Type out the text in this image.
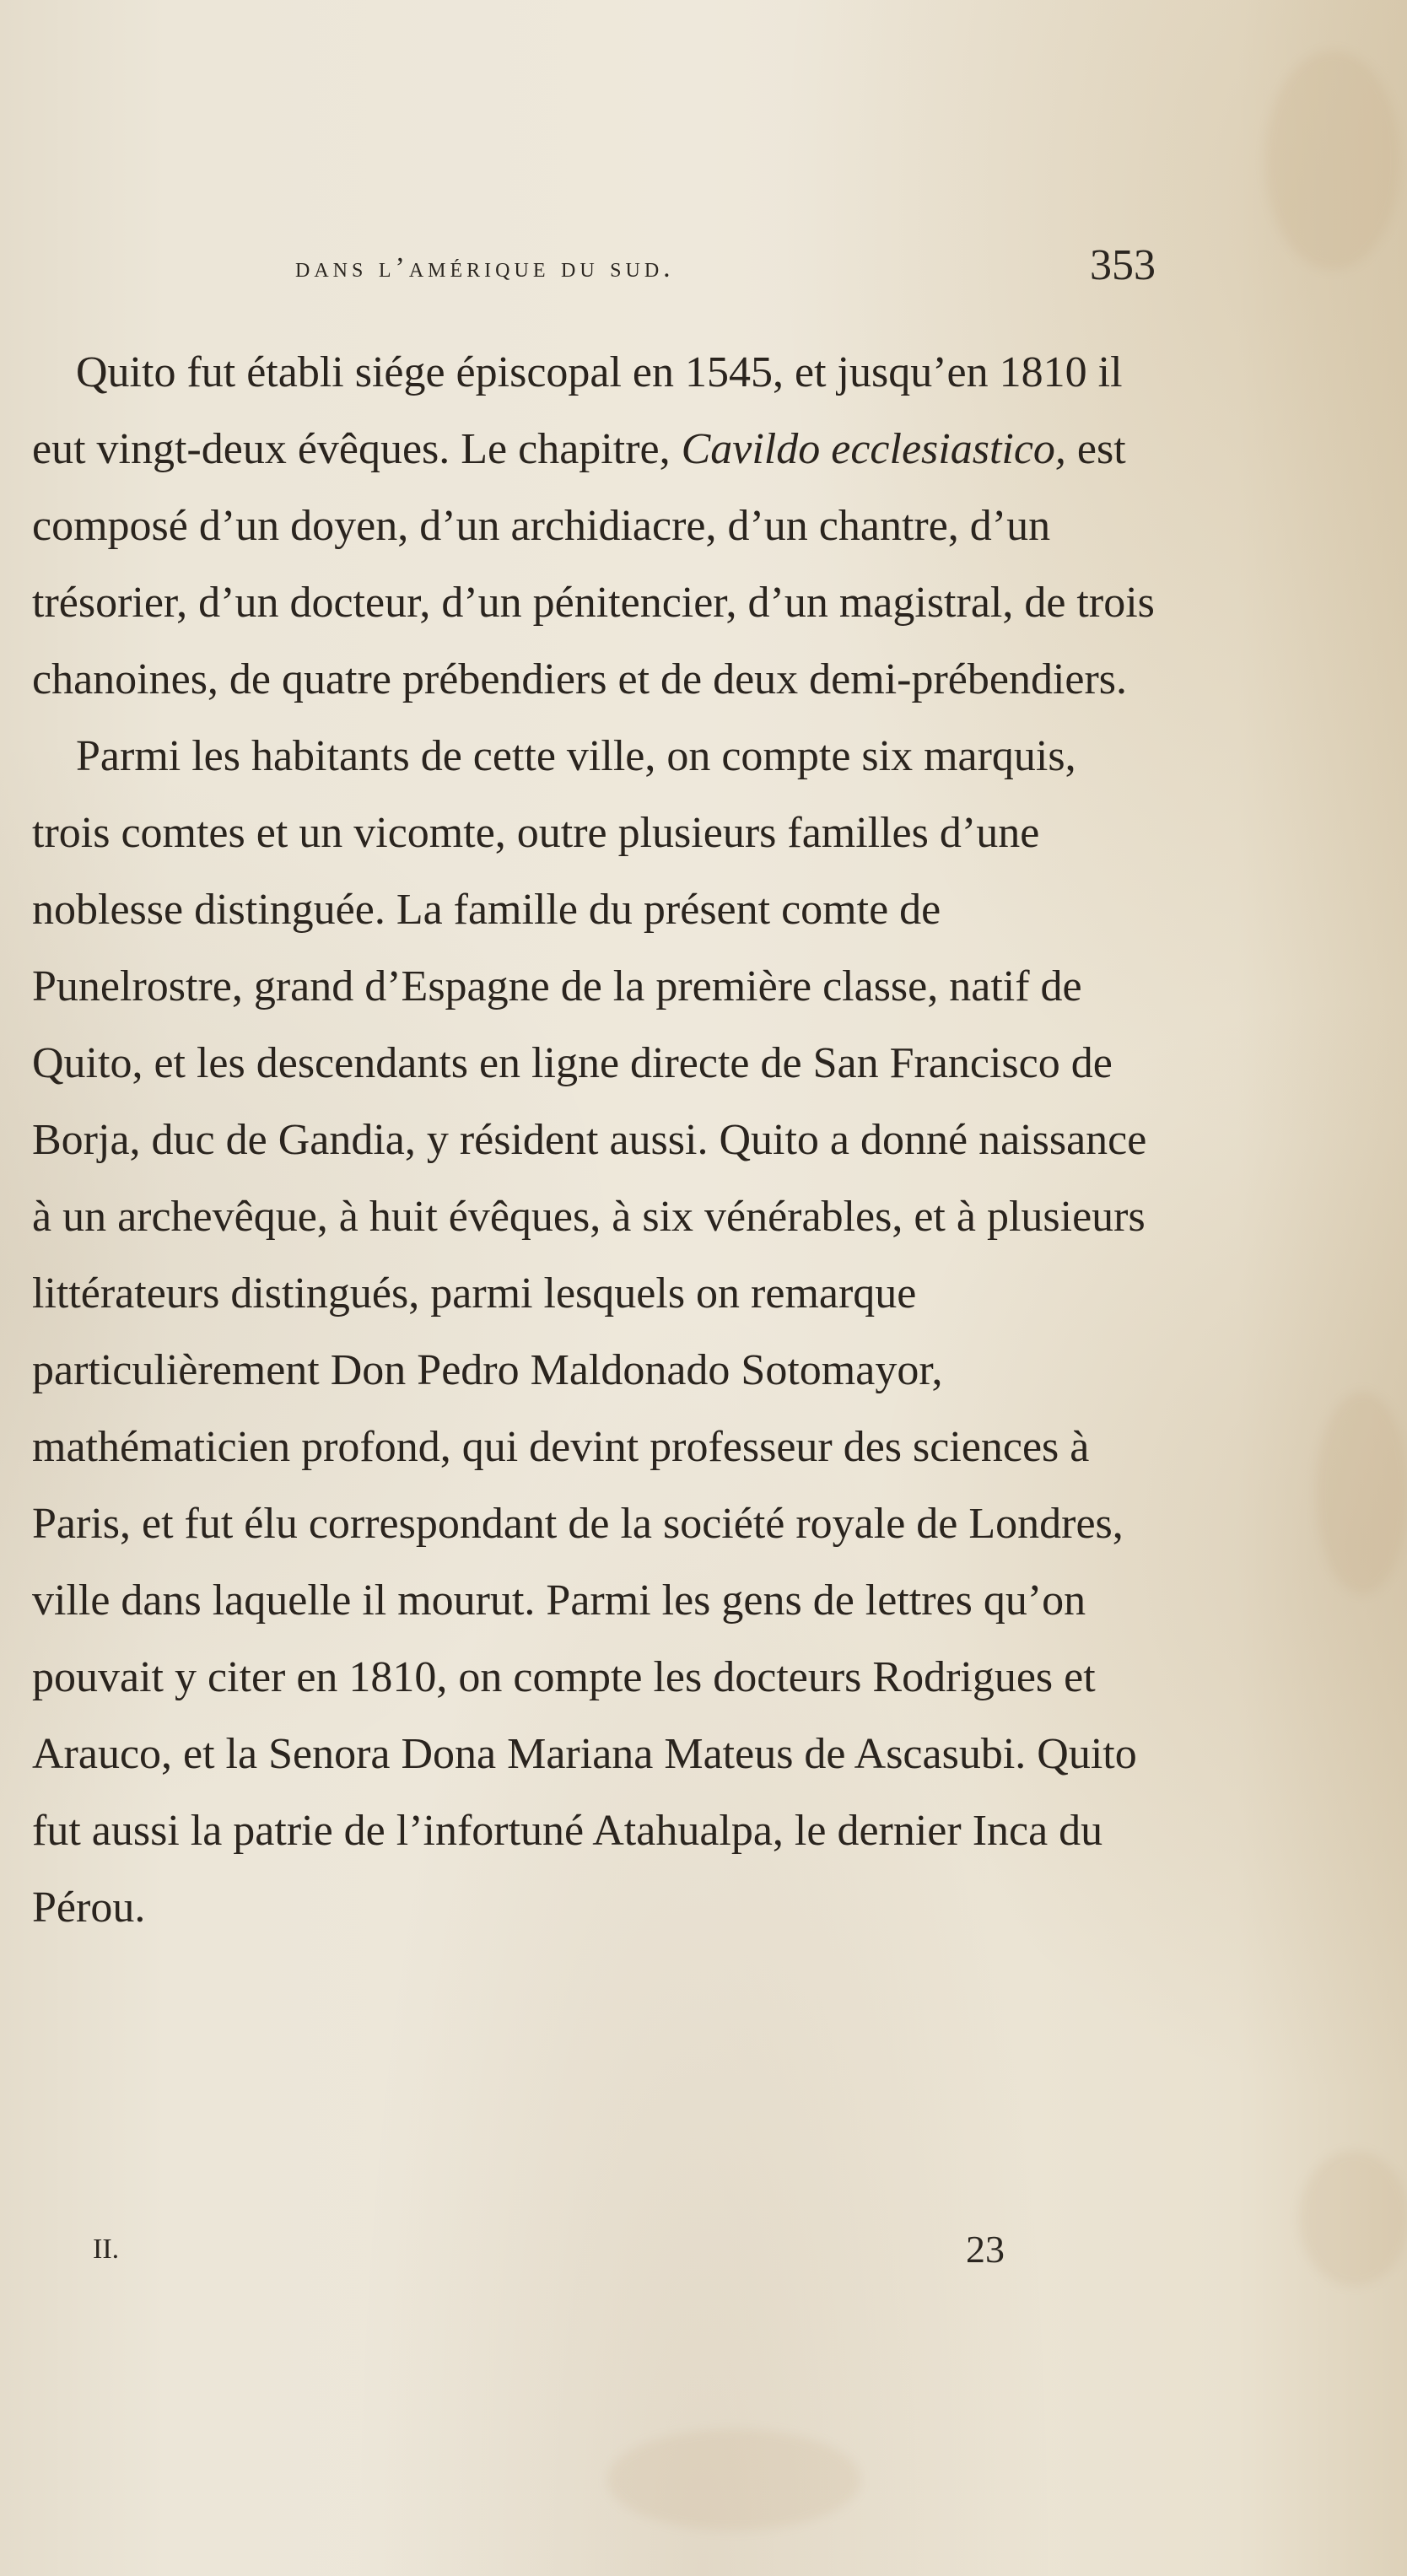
dans l’amérique du sud.	353

Quito fut établi siége épiscopal en 1545, et jusqu’en 1810 il eut vingt-deux évêques. Le chapitre, Cavildo ecclesiastico, est composé d’un doyen, d’un archidiacre, d’un chantre, d’un trésorier, d’un docteur, d’un pénitencier, d’un magistral, de trois chanoines, de quatre prébendiers et de deux demi-prébendiers.

Parmi les habitants de cette ville, on compte six marquis, trois comtes et un vicomte, outre plusieurs familles d’une noblesse distinguée. La famille du présent comte de Punelrostre, grand d’Espagne de la première classe, natif de Quito, et les descendants en ligne directe de San Francisco de Borja, duc de Gandia, y résident aussi. Quito a donné naissance à un archevêque, à huit évêques, à six vénérables, et à plusieurs littérateurs distingués, parmi lesquels on remarque particulièrement Don Pedro Maldonado Sotomayor, mathématicien profond, qui devint professeur des sciences à Paris, et fut élu correspondant de la société royale de Londres, ville dans laquelle il mourut. Parmi les gens de lettres qu’on pouvait y citer en 1810, on compte les docteurs Rodrigues et Arauco, et la Senora Dona Mariana Mateus de Ascasubi. Quito fut aussi la patrie de l’infortuné Atahualpa, le dernier Inca du Pérou.

II.	23
